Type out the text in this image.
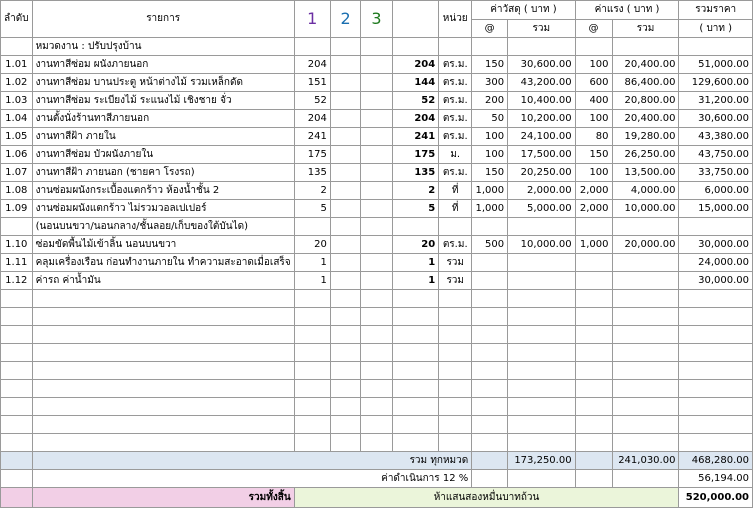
ลำดับ	รายการ	1	2	3	123	หน่วย	ค่าวัสดุ ( บาท )		ค่าแรง ( บาท )		รวมราคา
							@	รวม	@	รวม	( บาท )
	หมวดงาน : ปรับปรุงบ้าน										
1.01	งานทาสีซ่อม ผนังภายนอก	204			204	ตร.ม.	150	30,600.00	100	20,400.00	51,000.00
1.02	งานทาสีซ่อม บานประตู หน้าต่างไม้ รวมเหล็กดัด	151			144	ตร.ม.	300	43,200.00	600	86,400.00	129,600.00
1.03	งานทาสีซ่อม ระเบียงไม้ ระแนงไม้ เชิงชาย จั่ว	52			52	ตร.ม.	200	10,400.00	400	20,800.00	31,200.00
1.04	งานตั้งนั่งร้านทาสีภายนอก	204			204	ตร.ม.	50	10,200.00	100	20,400.00	30,600.00
1.05	งานทาสีฝ้า ภายใน	241			241	ตร.ม.	100	24,100.00	80	19,280.00	43,380.00
1.06	งานทาสีซ่อม บัวผนังภายใน	175			175	ม.	100	17,500.00	150	26,250.00	43,750.00
1.07	งานทาสีฝ้า ภายนอก (ชายคา โรงรถ)	135			135	ตร.ม.	150	20,250.00	100	13,500.00	33,750.00
1.08	งานซ่อมผนังกระเบื้องแตกร้าว ห้องน้ำชั้น 2	2			2	ที่	1,000	2,000.00	2,000	4,000.00	6,000.00
1.09	งานซ่อมผนังแตกร้าว ไม่รวมวอลเปเปอร์	5			5	ที่	1,000	5,000.00	2,000	10,000.00	15,000.00
	(นอนบนขวา/นอนกลาง/ชั้นลอย/เก็บของใต้บันได)										
1.10	ซ่อมขัดพื้นไม้เข้าลิ้น นอนบนขวา	20			20	ตร.ม.	500	10,000.00	1,000	20,000.00	30,000.00
1.11	คลุมเครื่องเรือน ก่อนทำงานภายใน ทำความสะอาดเมื่อเสร็จ	1			1	รวม					24,000.00
1.12	ค่ารถ ค่าน้ำมัน	1			1	รวม					30,000.00

	รวม ทุกหมวด							173,250.00		241,030.00	468,280.00
	ค่าดำเนินการ 12 %										56,194.00
	รวมทั้งสิ้น	ห้าแสนสองหมื่นบาทถ้วน									520,000.00
